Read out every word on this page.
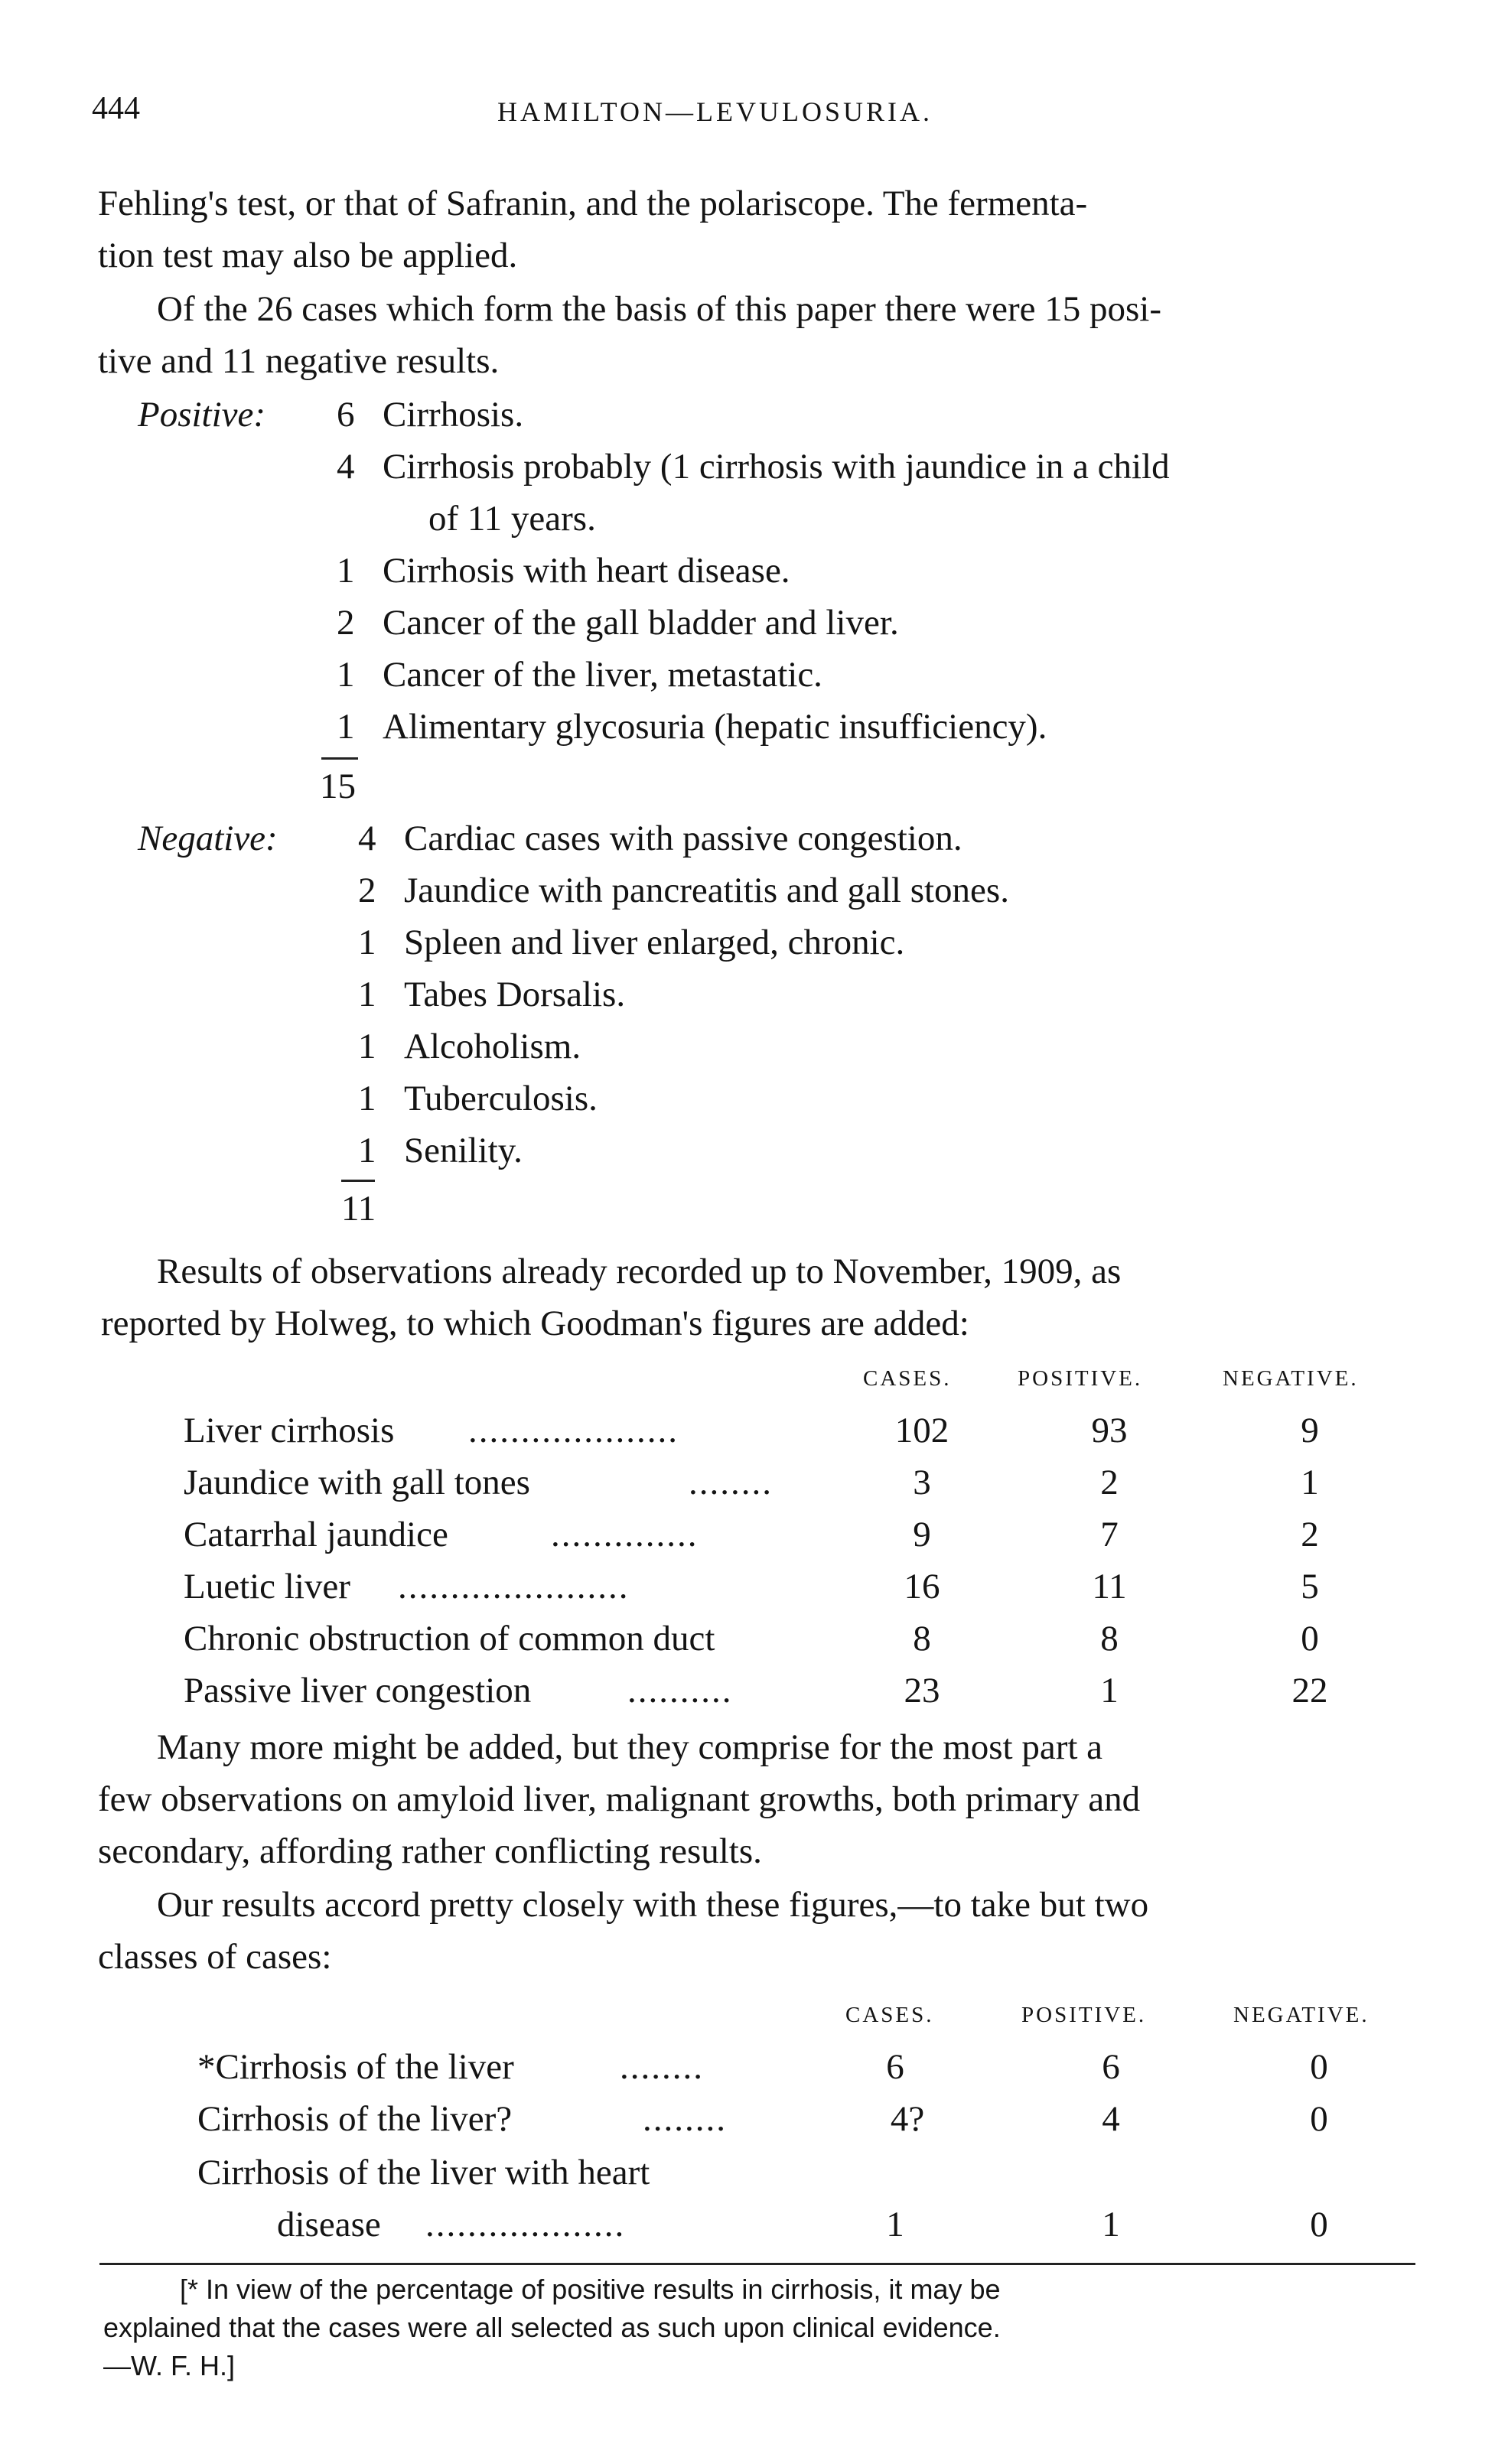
444	HAMILTON—LEVULOSURIA.
Fehling's test, or that of Safranin, and the polariscope. The fermenta-
tion test may also be applied.
Of the 26 cases which form the basis of this paper there were 15 posi-
tive and 11 negative results.
Positive: 6 Cirrhosis.
4 Cirrhosis probably (1 cirrhosis with jaundice in a child
of 11 years.
1 Cirrhosis with heart disease.
2 Cancer of the gall bladder and liver.
1 Cancer of the liver, metastatic.
1 Alimentary glycosuria (hepatic insufficiency).
15
Negative: 4 Cardiac cases with passive congestion.
2 Jaundice with pancreatitis and gall stones.
1 Spleen and liver enlarged, chronic.
1 Tabes Dorsalis.
1 Alcoholism.
1 Tuberculosis.
1 Senility.
11
Results of observations already recorded up to November, 1909, as
reported by Holweg, to which Goodman's figures are added:
CASES.	POSITIVE.	NEGATIVE.
Liver cirrhosis ....................	102	93	9
Jaundice with gall tones	........	3	2	1
Catarrhal jaundice	..............	9	7	2
Luetic liver ......................	16	11	5
Chronic obstruction of common duct	8	8	0
Passive liver congestion	..........	23	1	22
Many more might be added, but they comprise for the most part a
few observations on amyloid liver, malignant growths, both primary and
secondary, affording rather conflicting results.
Our results accord pretty closely with these figures,—to take but two
classes of cases:
CASES.	POSITIVE.	NEGATIVE.
*Cirrhosis of the liver	........	6	6	0
Cirrhosis of the liver?	........	4?	4	0
Cirrhosis of the liver with heart
disease ...................	1	1	0
[* In view of the percentage of positive results in cirrhosis, it may be
explained that the cases were all selected as such upon clinical evidence.
—W. F. H.]
